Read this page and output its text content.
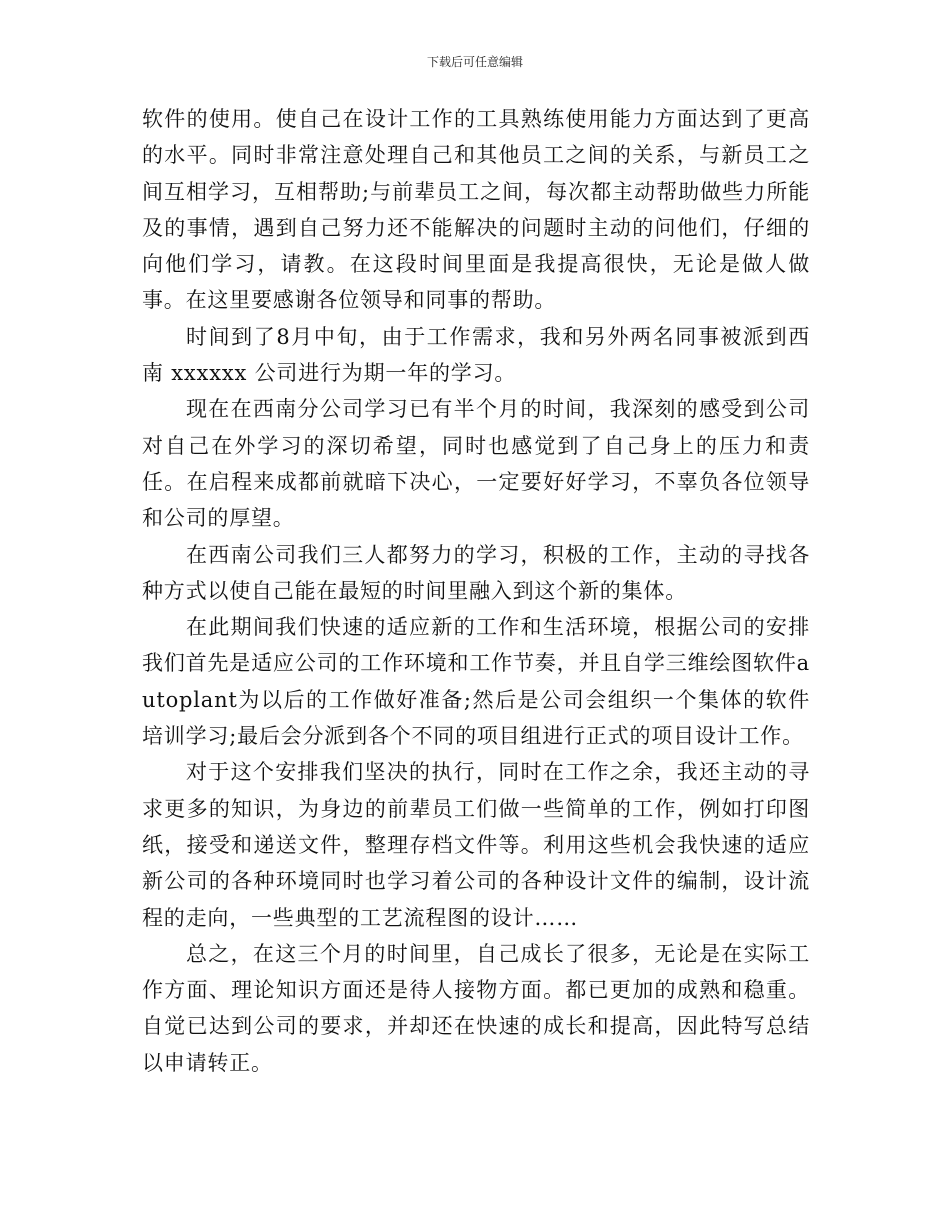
下载后可任意编辑

软件的使用。使自己在设计工作的工具熟练使用能力方面达到了更高的水平。同时非常注意处理自己和其他员工之间的关系，与新员工之间互相学习，互相帮助;与前辈员工之间，每次都主动帮助做些力所能及的事情，遇到自己努力还不能解决的问题时主动的问他们，仔细的向他们学习，请教。在这段时间里面是我提高很快，无论是做人做事。在这里要感谢各位领导和同事的帮助。

时间到了8月中旬，由于工作需求，我和另外两名同事被派到西南 xxxxxx 公司进行为期一年的学习。

现在在西南分公司学习已有半个月的时间，我深刻的感受到公司对自己在外学习的深切希望，同时也感觉到了自己身上的压力和责任。在启程来成都前就暗下决心，一定要好好学习，不辜负各位领导和公司的厚望。

在西南公司我们三人都努力的学习，积极的工作，主动的寻找各种方式以使自己能在最短的时间里融入到这个新的集体。

在此期间我们快速的适应新的工作和生活环境，根据公司的安排我们首先是适应公司的工作环境和工作节奏，并且自学三维绘图软件autoplant为以后的工作做好准备;然后是公司会组织一个集体的软件培训学习;最后会分派到各个不同的项目组进行正式的项目设计工作。

对于这个安排我们坚决的执行，同时在工作之余，我还主动的寻求更多的知识，为身边的前辈员工们做一些简单的工作，例如打印图纸，接受和递送文件，整理存档文件等。利用这些机会我快速的适应新公司的各种环境同时也学习着公司的各种设计文件的编制，设计流程的走向，一些典型的工艺流程图的设计……

总之，在这三个月的时间里，自己成长了很多，无论是在实际工作方面、理论知识方面还是待人接物方面。都已更加的成熟和稳重。自觉已达到公司的要求，并却还在快速的成长和提高，因此特写总结以申请转正。
